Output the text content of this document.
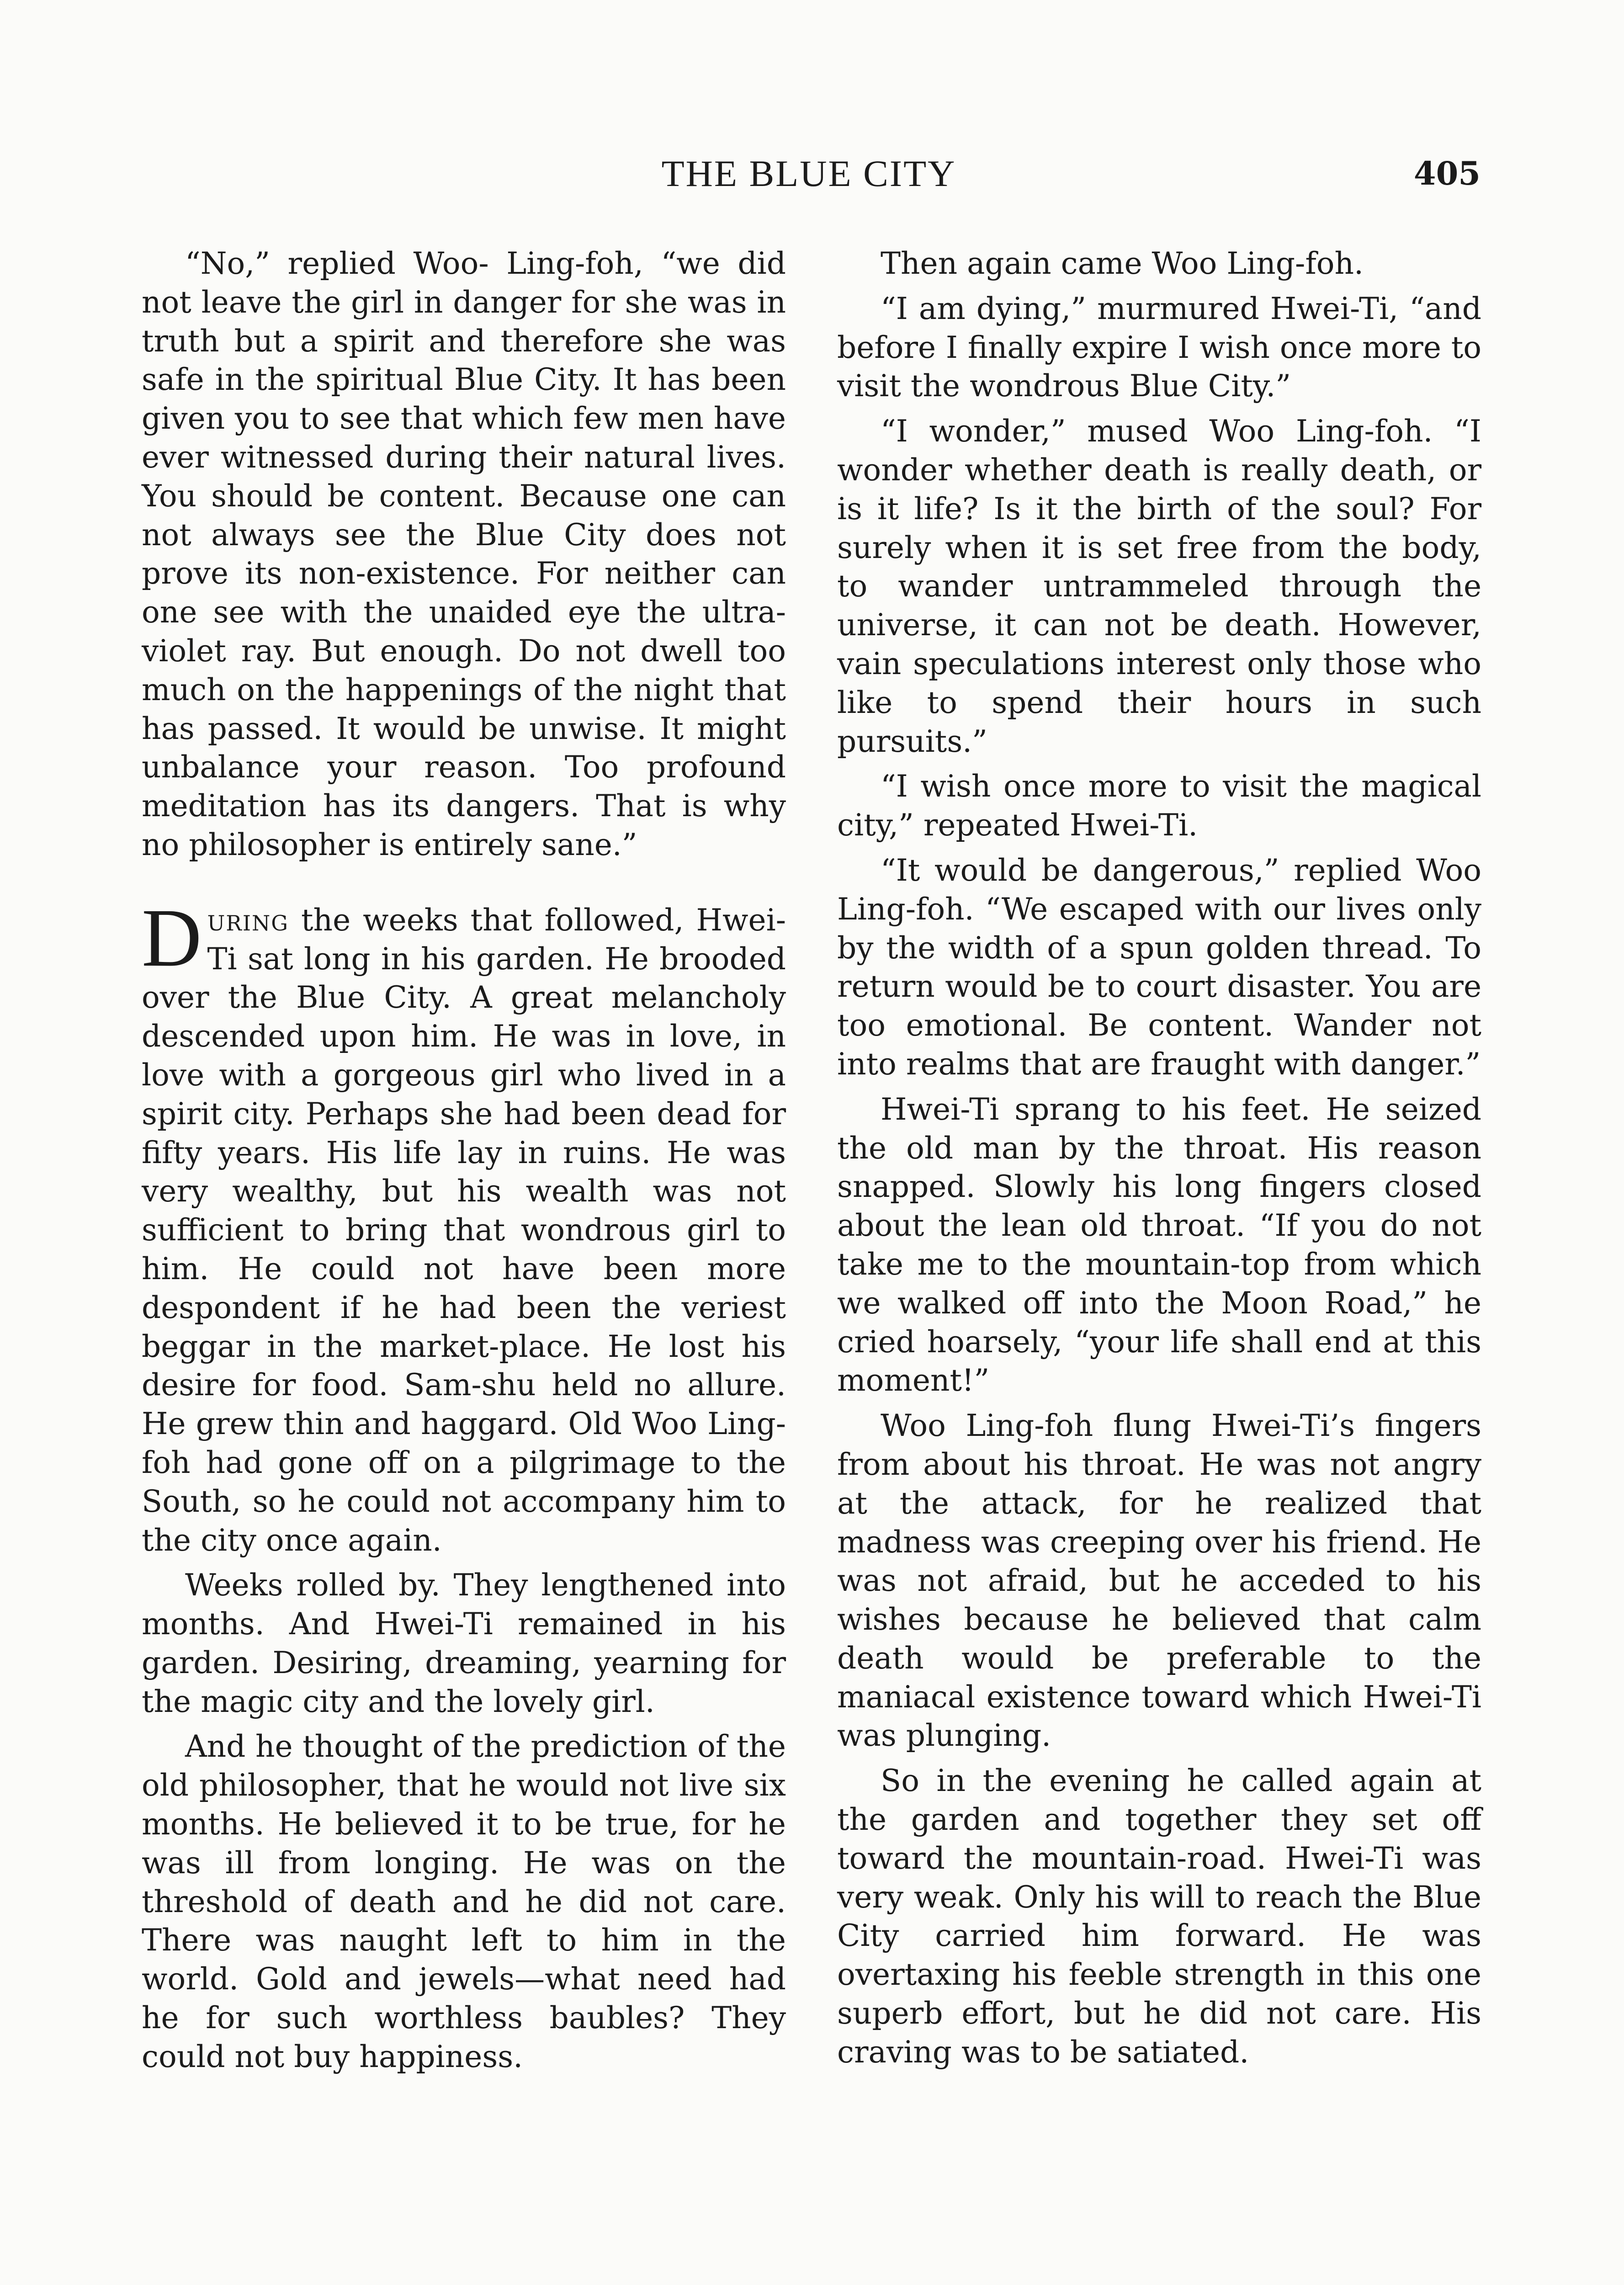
THE BLUE CITY	405

“No,” replied Woo- Ling-foh, “we did not leave the girl in danger for she was in truth but a spirit and therefore she was safe in the spiritual Blue City. It has been given you to see that which few men have ever witnessed during their natural lives. You should be content. Because one can not always see the Blue City does not prove its non-existence. For neither can one see with the unaided eye the ultra-violet ray. But enough. Do not dwell too much on the happenings of the night that has passed. It would be unwise. It might unbalance your reason. Too profound meditation has its dangers. That is why no philosopher is entirely sane.”

During the weeks that followed, Hwei-Ti sat long in his garden. He brooded over the Blue City. A great melancholy descended upon him. He was in love, in love with a gorgeous girl who lived in a spirit city. Perhaps she had been dead for fifty years. His life lay in ruins. He was very wealthy, but his wealth was not sufficient to bring that wondrous girl to him. He could not have been more despondent if he had been the veriest beggar in the market-place. He lost his desire for food. Sam-shu held no allure. He grew thin and haggard. Old Woo Ling-foh had gone off on a pilgrimage to the South, so he could not accompany him to the city once again.

Weeks rolled by. They lengthened into months. And Hwei-Ti remained in his garden. Desiring, dreaming, yearning for the magic city and the lovely girl.

And he thought of the prediction of the old philosopher, that he would not live six months. He believed it to be true, for he was ill from longing. He was on the threshold of death and he did not care. There was naught left to him in the world. Gold and jewels—what need had he for such worthless baubles? They could not buy happiness.

Then again came Woo Ling-foh.

“I am dying,” murmured Hwei-Ti, “and before I finally expire I wish once more to visit the wondrous Blue City.”

“I wonder,” mused Woo Ling-foh. “I wonder whether death is really death, or is it life? Is it the birth of the soul? For surely when it is set free from the body, to wander untrammeled through the universe, it can not be death. However, vain speculations interest only those who like to spend their hours in such pursuits.”

“I wish once more to visit the magical city,” repeated Hwei-Ti.

“It would be dangerous,” replied Woo Ling-foh. “We escaped with our lives only by the width of a spun golden thread. To return would be to court disaster. You are too emotional. Be content. Wander not into realms that are fraught with danger.”

Hwei-Ti sprang to his feet. He seized the old man by the throat. His reason snapped. Slowly his long fingers closed about the lean old throat. “If you do not take me to the mountain-top from which we walked off into the Moon Road,” he cried hoarsely, “your life shall end at this moment!”

Woo Ling-foh flung Hwei-Ti’s fingers from about his throat. He was not angry at the attack, for he realized that madness was creeping over his friend. He was not afraid, but he acceded to his wishes because he believed that calm death would be preferable to the maniacal existence toward which Hwei-Ti was plunging.

So in the evening he called again at the garden and together they set off toward the mountain-road. Hwei-Ti was very weak. Only his will to reach the Blue City carried him forward. He was overtaxing his feeble strength in this one superb effort, but he did not care. His craving was to be satiated.
